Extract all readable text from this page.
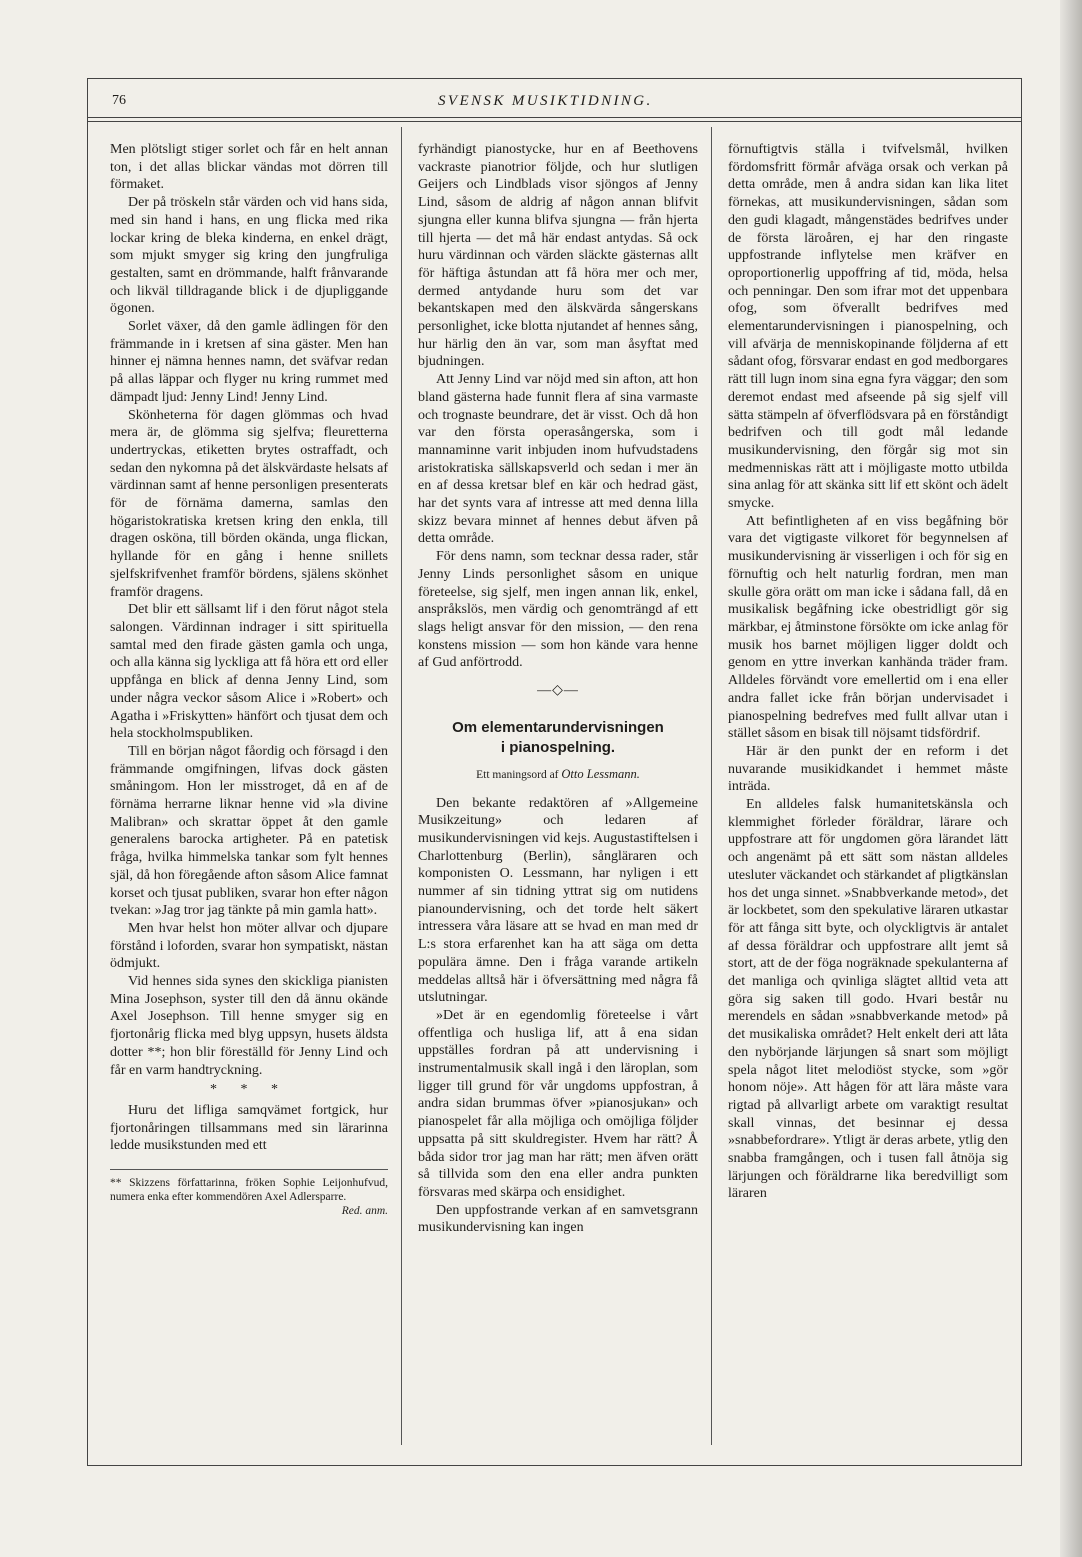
76	SVENSK MUSIKTIDNING.

Men plötsligt stiger sorlet och får en helt annan ton, i det allas blickar vändas mot dörren till förmaket.

Der på tröskeln står värden och vid hans sida, med sin hand i hans, en ung flicka med rika lockar kring de bleka kinderna, en enkel drägt, som mjukt smyger sig kring den jungfruliga gestalten, samt en drömmande, halft frånvarande och likväl tilldragande blick i de djupliggande ögonen.

Sorlet växer, då den gamle ädlingen för den främmande in i kretsen af sina gäster. Men han hinner ej nämna hennes namn, det sväfvar redan på allas läppar och flyger nu kring rummet med dämpadt ljud: Jenny Lind! Jenny Lind.

Skönheterna för dagen glömmas och hvad mera är, de glömma sig sjelfva; fleuretterna undertryckas, etiketten brytes ostraffadt, och sedan den nykomna på det älskvärdaste helsats af värdinnan samt af henne personligen presenterats för de förnäma damerna, samlas den högaristokratiska kretsen kring den enkla, till dragen osköna, till börden okända, unga flickan, hyllande för en gång i henne snillets sjelfskrifvenhet framför bördens, själens skönhet framför dragens.

Det blir ett sällsamt lif i den förut något stela salongen. Värdinnan indrager i sitt spirituella samtal med den firade gästen gamla och unga, och alla känna sig lyckliga att få höra ett ord eller uppfånga en blick af denna Jenny Lind, som under några veckor såsom Alice i »Robert» och Agatha i »Friskytten» hänfört och tjusat dem och hela stockholmspubliken.

Till en början något fåordig och försagd i den främmande omgifningen, lifvas dock gästen småningom. Hon ler misstroget, då en af de förnäma herrarne liknar henne vid »la divine Malibran» och skrattar öppet åt den gamle generalens barocka artigheter. På en patetisk fråga, hvilka himmelska tankar som fylt hennes själ, då hon föregående afton såsom Alice famnat korset och tjusat publiken, svarar hon efter någon tvekan: »Jag tror jag tänkte på min gamla hatt».

Men hvar helst hon möter allvar och djupare förstånd i loforden, svarar hon sympatiskt, nästan ödmjukt.

Vid hennes sida synes den skickliga pianisten Mina Josephson, syster till den då ännu okände Axel Josephson. Till henne smyger sig en fjortonårig flicka med blyg uppsyn, husets äldsta dotter **; hon blir föreställd för Jenny Lind och får en varm handtryckning.

* * *

Huru det lifliga samqvämet fortgick, hur fjortonåringen tillsammans med sin lärarinna ledde musikstunden med ett

** Skizzens författarinna, fröken Sophie Leijonhufvud, numera enka efter kommendören Axel Adlersparre.
Red. anm.

fyrhändigt pianostycke, hur en af Beethovens vackraste pianotrior följde, och hur slutligen Geijers och Lindblads visor sjöngos af Jenny Lind, såsom de aldrig af någon annan blifvit sjungna eller kunna blifva sjungna — från hjerta till hjerta — det må här endast antydas. Så ock huru värdinnan och värden släckte gästernas allt för häftiga åstundan att få höra mer och mer, dermed antydande huru som det var bekantskapen med den älskvärda sångerskans personlighet, icke blotta njutandet af hennes sång, hur härlig den än var, som man åsyftat med bjudningen.

Att Jenny Lind var nöjd med sin afton, att hon bland gästerna hade funnit flera af sina varmaste och trognaste beundrare, det är visst. Och då hon var den första operasångerska, som i mannaminne varit inbjuden inom hufvudstadens aristokratiska sällskapsverld och sedan i mer än en af dessa kretsar blef en kär och hedrad gäst, har det synts vara af intresse att med denna lilla skizz bevara minnet af hennes debut äfven på detta område.

För dens namn, som tecknar dessa rader, står Jenny Linds personlighet såsom en unique företeelse, sig sjelf, men ingen annan lik, enkel, anspråkslös, men värdig och genomträngd af ett slags heligt ansvar för den mission, — den rena konstens mission — som hon kände vara henne af Gud anförtrodd.

—◇—
Om elementarundervisningen
i pianospelning.
Ett maningsord af Otto Lessmann.

Den bekante redaktören af »Allgemeine Musikzeitung» och ledaren af musikundervisningen vid kejs. Augustastiftelsen i Charlottenburg (Berlin), sångläraren och komponisten O. Lessmann, har nyligen i ett nummer af sin tidning yttrat sig om nutidens pianoundervisning, och det torde helt säkert intressera våra läsare att se hvad en man med dr L:s stora erfarenhet kan ha att säga om detta populära ämne. Den i fråga varande artikeln meddelas alltså här i öfversättning med några få utslutningar.

»Det är en egendomlig företeelse i vårt offentliga och husliga lif, att å ena sidan uppställes fordran på att undervisning i instrumentalmusik skall ingå i den läroplan, som ligger till grund för vår ungdoms uppfostran, å andra sidan brummas öfver »pianosjukan» och pianospelet får alla möjliga och omöjliga följder uppsatta på sitt skuldregister. Hvem har rätt? Å båda sidor tror jag man har rätt; men äfven orätt så tillvida som den ena eller andra punkten försvaras med skärpa och ensidighet.

Den uppfostrande verkan af en samvetsgrann musikundervisning kan ingen

förnuftigtvis ställa i tvifvelsmål, hvilken fördomsfritt förmår afväga orsak och verkan på detta område, men å andra sidan kan lika litet förnekas, att musikundervisningen, sådan som den gudi klagadt, mångenstädes bedrifves under de första läroåren, ej har den ringaste uppfostrande inflytelse men kräfver en oproportionerlig uppoffring af tid, möda, helsa och penningar. Den som ifrar mot det uppenbara ofog, som öfverallt bedrifves med elementarundervisningen i pianospelning, och vill afvärja de menniskopinande följderna af ett sådant ofog, försvarar endast en god medborgares rätt till lugn inom sina egna fyra väggar; den som deremot endast med afseende på sig sjelf vill sätta stämpeln af öfverflödsvara på en förståndigt bedrifven och till godt mål ledande musikundervisning, den förgår sig mot sin medmenniskas rätt att i möjligaste motto utbilda sina anlag för att skänka sitt lif ett skönt och ädelt smycke.

Att befintligheten af en viss begåfning bör vara det vigtigaste vilkoret för begynnelsen af musikundervisning är visserligen i och för sig en förnuftig och helt naturlig fordran, men man skulle göra orätt om man icke i sådana fall, då en musikalisk begåfning icke obestridligt gör sig märkbar, ej åtminstone försökte om icke anlag för musik hos barnet möjligen ligger doldt och genom en yttre inverkan kanhända träder fram. Alldeles förvändt vore emellertid om i ena eller andra fallet icke från början undervisadet i pianospelning bedrefves med fullt allvar utan i stället såsom en bisak till nöjsamt tidsfördrif.

Här är den punkt der en reform i det nuvarande musikidkandet i hemmet måste inträda.

En alldeles falsk humanitetskänsla och klemmighet förleder föräldrar, lärare och uppfostrare att för ungdomen göra lärandet lätt och angenämt på ett sätt som nästan alldeles utesluter väckandet och stärkandet af pligtkänslan hos det unga sinnet. »Snabbverkande metod», det är lockbetet, som den spekulative läraren utkastar för att fånga sitt byte, och olyckligtvis är antalet af dessa föräldrar och uppfostrare allt jemt så stort, att de der föga nogräknade spekulanterna af det manliga och qvinliga slägtet alltid veta att göra sig saken till godo. Hvari består nu merendels en sådan »snabbverkande metod» på det musikaliska området? Helt enkelt deri att låta den nybörjande lärjungen så snart som möjligt spela något litet melodiöst stycke, som »gör honom nöje». Att hågen för att lära måste vara rigtad på allvarligt arbete om varaktigt resultat skall vinnas, det besinnar ej dessa »snabbefordrare». Ytligt är deras arbete, ytlig den snabba framgången, och i tusen fall åtnöja sig lärjungen och föräldrarne lika beredvilligt som läraren
